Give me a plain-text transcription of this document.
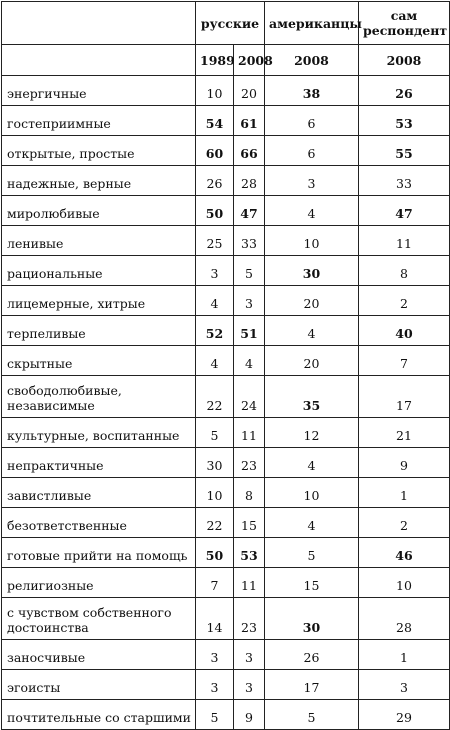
	русские		американцы	сам респондент
	1989	2008	2008	2008
энергичные	10	20	38	26
гостеприимные	54	61	6	53
открытые, простые	60	66	6	55
надежные, верные	26	28	3	33
миролюбивые	50	47	4	47
ленивые	25	33	10	11
рациональные	3	5	30	8
лицемерные, хитрые	4	3	20	2
терпеливые	52	51	4	40
скрытные	4	4	20	7
свободолюбивые, независимые	22	24	35	17
культурные, воспитанные	5	11	12	21
непрактичные	30	23	4	9
завистливые	10	8	10	1
безответственные	22	15	4	2
готовые прийти на помощь	50	53	5	46
религиозные	7	11	15	10
с чувством собственного достоинства	14	23	30	28
заносчивые	3	3	26	1
эгоисты	3	3	17	3
почтительные со старшими	5	9	5	29
